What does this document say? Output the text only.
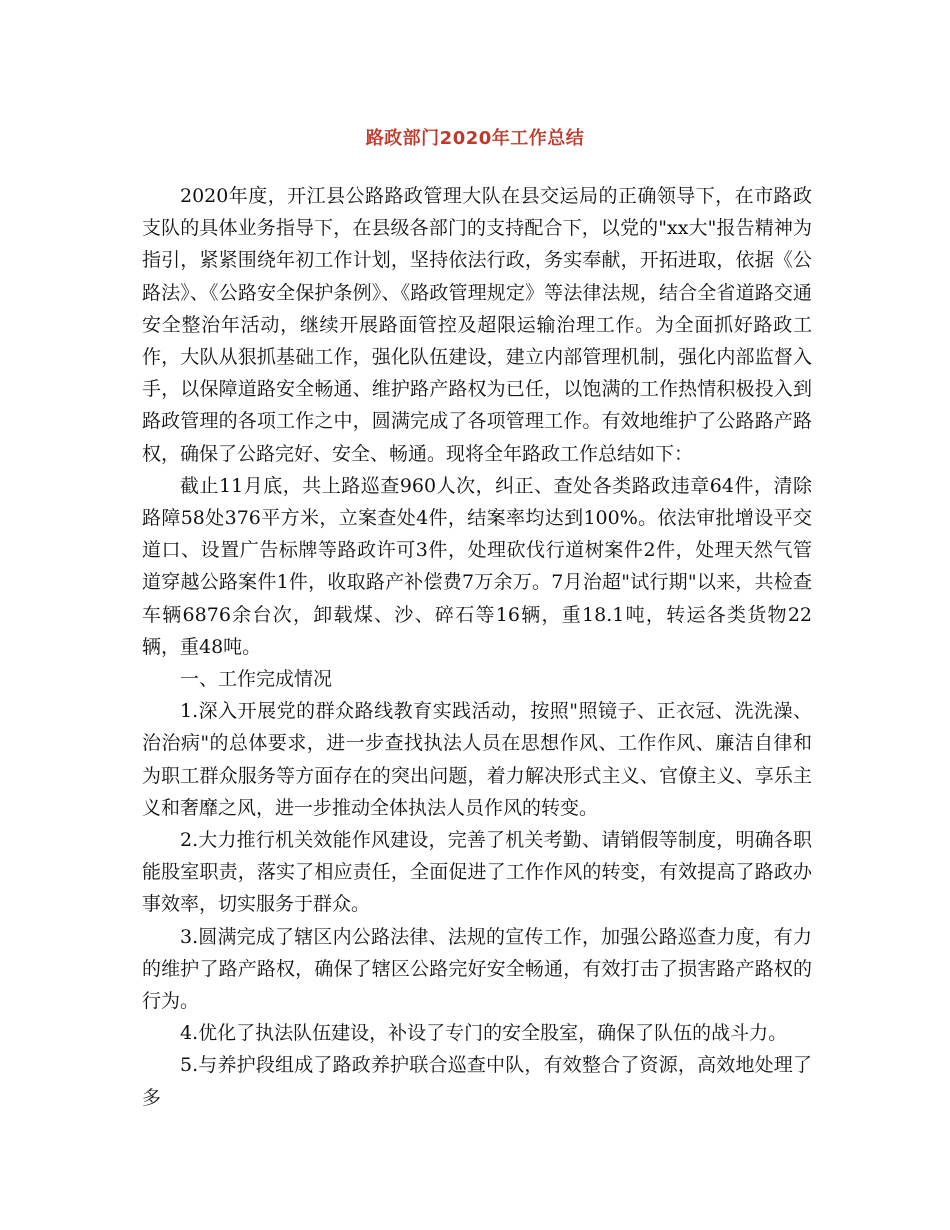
路政部门2020年工作总结

2020年度，开江县公路路政管理大队在县交运局的正确领导下，在市路政支队的具体业务指导下，在县级各部门的支持配合下，以党的"xx大"报告精神为指引，紧紧围绕年初工作计划，坚持依法行政，务实奉献，开拓进取，依据《公路法》、《公路安全保护条例》、《路政管理规定》等法律法规，结合全省道路交通安全整治年活动，继续开展路面管控及超限运输治理工作。为全面抓好路政工作，大队从狠抓基础工作，强化队伍建设，建立内部管理机制，强化内部监督入手，以保障道路安全畅通、维护路产路权为已任，以饱满的工作热情积极投入到路政管理的各项工作之中，圆满完成了各项管理工作。有效地维护了公路路产路权，确保了公路完好、安全、畅通。现将全年路政工作总结如下：

截止11月底，共上路巡查960人次，纠正、查处各类路政违章64件，清除路障58处376平方米，立案查处4件，结案率均达到100%。依法审批增设平交道口、设置广告标牌等路政许可3件，处理砍伐行道树案件2件，处理天然气管道穿越公路案件1件，收取路产补偿费7万余万。7月治超"试行期"以来，共检查车辆6876余台次，卸载煤、沙、碎石等16辆，重18.1吨，转运各类货物22辆，重48吨。

一、工作完成情况

1.深入开展党的群众路线教育实践活动，按照"照镜子、正衣冠、洗洗澡、治治病"的总体要求，进一步查找执法人员在思想作风、工作作风、廉洁自律和为职工群众服务等方面存在的突出问题，着力解决形式主义、官僚主义、享乐主义和奢靡之风，进一步推动全体执法人员作风的转变。

2.大力推行机关效能作风建设，完善了机关考勤、请销假等制度，明确各职能股室职责，落实了相应责任，全面促进了工作作风的转变，有效提高了路政办事效率，切实服务于群众。

3.圆满完成了辖区内公路法律、法规的宣传工作，加强公路巡查力度，有力的维护了路产路权，确保了辖区公路完好安全畅通，有效打击了损害路产路权的行为。

4.优化了执法队伍建设，补设了专门的安全股室，确保了队伍的战斗力。

5.与养护段组成了路政养护联合巡查中队，有效整合了资源，高效地处理了多
